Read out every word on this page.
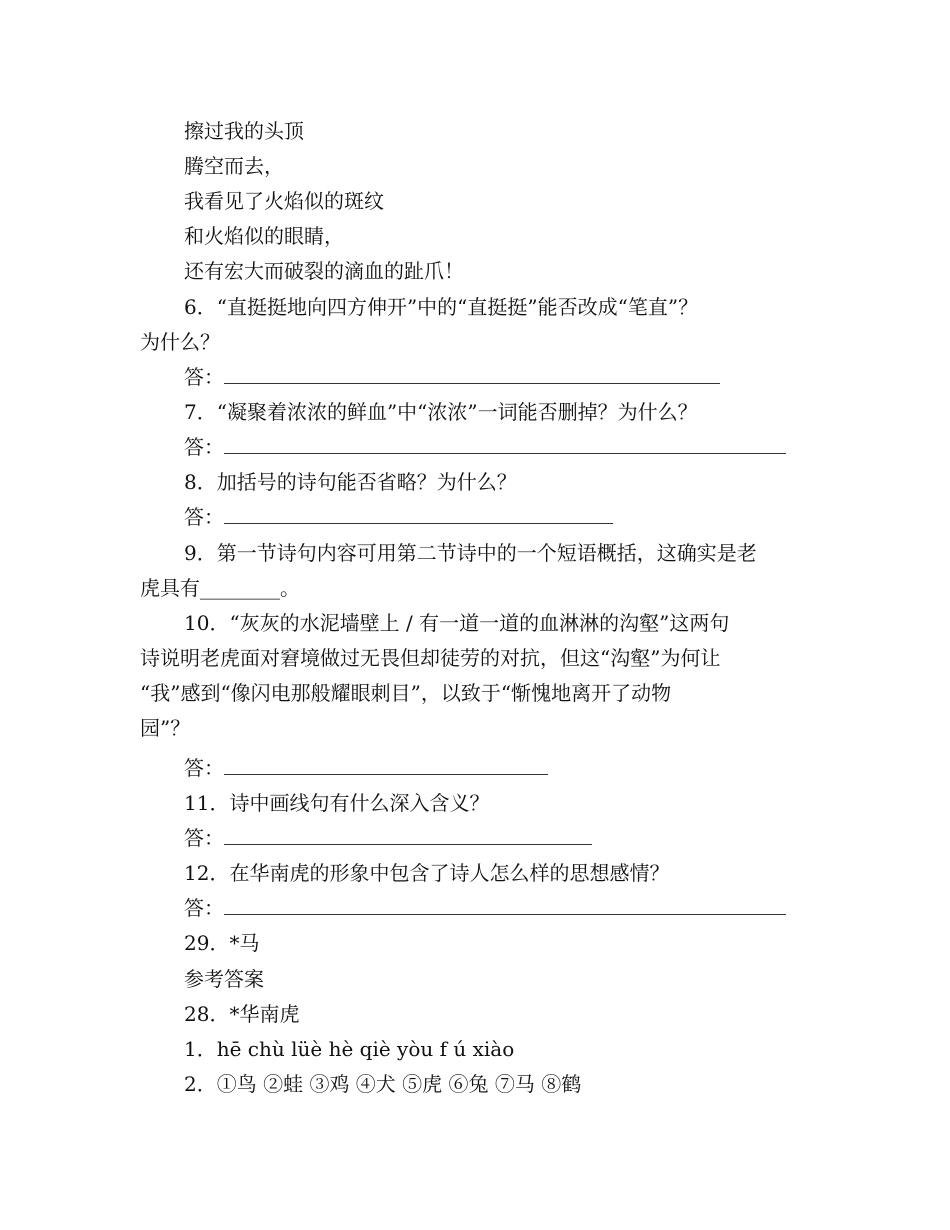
擦过我的头顶
腾空而去，
我看见了火焰似的斑纹
和火焰似的眼睛，
还有宏大而破裂的滴血的趾爪！
6．“直挺挺地向四方伸开”中的“直挺挺”能否改成“笔直”？
为什么？
答：
7．“凝聚着浓浓的鲜血”中“浓浓”一词能否删掉？为什么？
答：
8．加括号的诗句能否省略？为什么？
答：
9．第一节诗句内容可用第二节诗中的一个短语概括，这确实是老
虎具有________。
10．“灰灰的水泥墙壁上 / 有一道一道的血淋淋的沟壑”这两句
诗说明老虎面对窘境做过无畏但却徒劳的对抗，但这“沟壑”为何让
“我”感到“像闪电那般耀眼刺目”，以致于“惭愧地离开了动物
园”？
答：
11．诗中画线句有什么深入含义？
答：
12．在华南虎的形象中包含了诗人怎么样的思想感情？
答：
29．*马
参考答案
28．*华南虎
1．hē chù lüè hè qiè yòu f ú xiào
2．①鸟 ②蛙 ③鸡 ④犬 ⑤虎 ⑥兔 ⑦马 ⑧鹤
